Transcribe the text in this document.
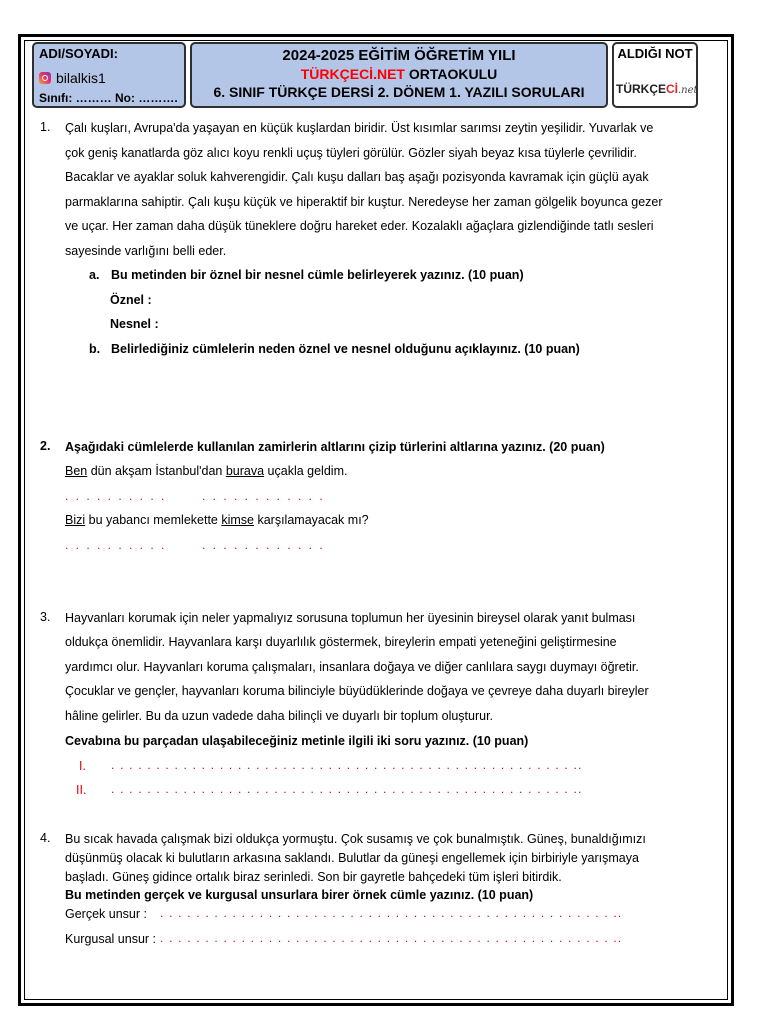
ADI/SOYADI:
bilalkis1
Sınıfı: ……… No: ……….
2024-2025 EĞİTİM ÖĞRETİM YILI
TÜRKÇECİ.NET ORTAOKULU
6. SINIF TÜRKÇE DERSİ 2. DÖNEM 1. YAZILI SORULARI
ALDIĞI NOT
TÜRKÇECİ.net
1. Çalı kuşları, Avrupa'da yaşayan en küçük kuşlardan biridir. Üst kısımlar sarımsı zeytin yeşilidir. Yuvarlak ve
çok geniş kanatlarda göz alıcı koyu renkli uçuş tüyleri görülür. Gözler siyah beyaz kısa tüylerle çevrilidir.
Bacaklar ve ayaklar soluk kahverengidir. Çalı kuşu dalları baş aşağı pozisyonda kavramak için güçlü ayak
parmaklarına sahiptir. Çalı kuşu küçük ve hiperaktif bir kuştur. Neredeyse her zaman gölgelik boyunca gezer
ve uçar. Her zaman daha düşük tüneklere doğru hareket eder. Kozalaklı ağaçlara gizlendiğinde tatlı sesleri
sayesinde varlığını belli eder.
a. Bu metinden bir öznel bir nesnel cümle belirleyerek yazınız. (10 puan)
Öznel :
Nesnel :
b. Belirlediğiniz cümlelerin neden öznel ve nesnel olduğunu açıklayınız. (10 puan)
2. Aşağıdaki cümlelerde kullanılan zamirlerin altlarını çizip türlerini altlarına yazınız. (20 puan)
Ben dün akşam İstanbul'dan burava uçakla geldim.
. . . . . . . . . .	. . . . . . . . . . . .
Bizi bu yabancı memlekette kimse karşılamayacak mı?
. . . . . . . . . .	. . . . . . . . . . . .
3. Hayvanları korumak için neler yapmalıyız sorusuna toplumun her üyesinin bireysel olarak yanıt bulması
oldukça önemlidir. Hayvanlara karşı duyarlılık göstermek, bireylerin empati yeteneğini geliştirmesine
yardımcı olur. Hayvanları koruma çalışmaları, insanlara doğaya ve diğer canlılara saygı duymayı öğretir.
Çocuklar ve gençler, hayvanları koruma bilinciyle büyüdüklerinde doğaya ve çevreye daha duyarlı bireyler
hâline gelirler. Bu da uzun vadede daha bilinçli ve duyarlı bir toplum oluşturur.
Cevabına bu parçadan ulaşabileceğiniz metinle ilgili iki soru yazınız. (10 puan)
I. . . . . . . . . . . . . . . . . . . . . . . . . . . . . . . . . . . . . . . . . . . . . . . . . . . . ..
II. . . . . . . . . . . . . . . . . . . . . . . . . . . . . . . . . . . . . . . . . . . . . . . . . . . . ..
4. Bu sıcak havada çalışmak bizi oldukça yormuştu. Çok susamış ve çok bunalmıştık. Güneş, bunaldığımızı
düşünmüş olacak ki bulutların arkasına saklandı. Bulutlar da güneşi engellemek için birbiriyle yarışmaya
başladı. Güneş gidince ortalık biraz serinledi. Son bir gayretle bahçedeki tüm işleri bitirdik.
Bu metinden gerçek ve kurgusal unsurlara birer örnek cümle yazınız. (10 puan)
Gerçek unsur : . . . . . . . . . . . . . . . . . . . . . . . . . . . . . . . . . . . . . . . . . . . . . . . . . . ..
Kurgusal unsur : . . . . . . . . . . . . . . . . . . . . . . . . . . . . . . . . . . . . . . . . . . . . . . . . . . ..
